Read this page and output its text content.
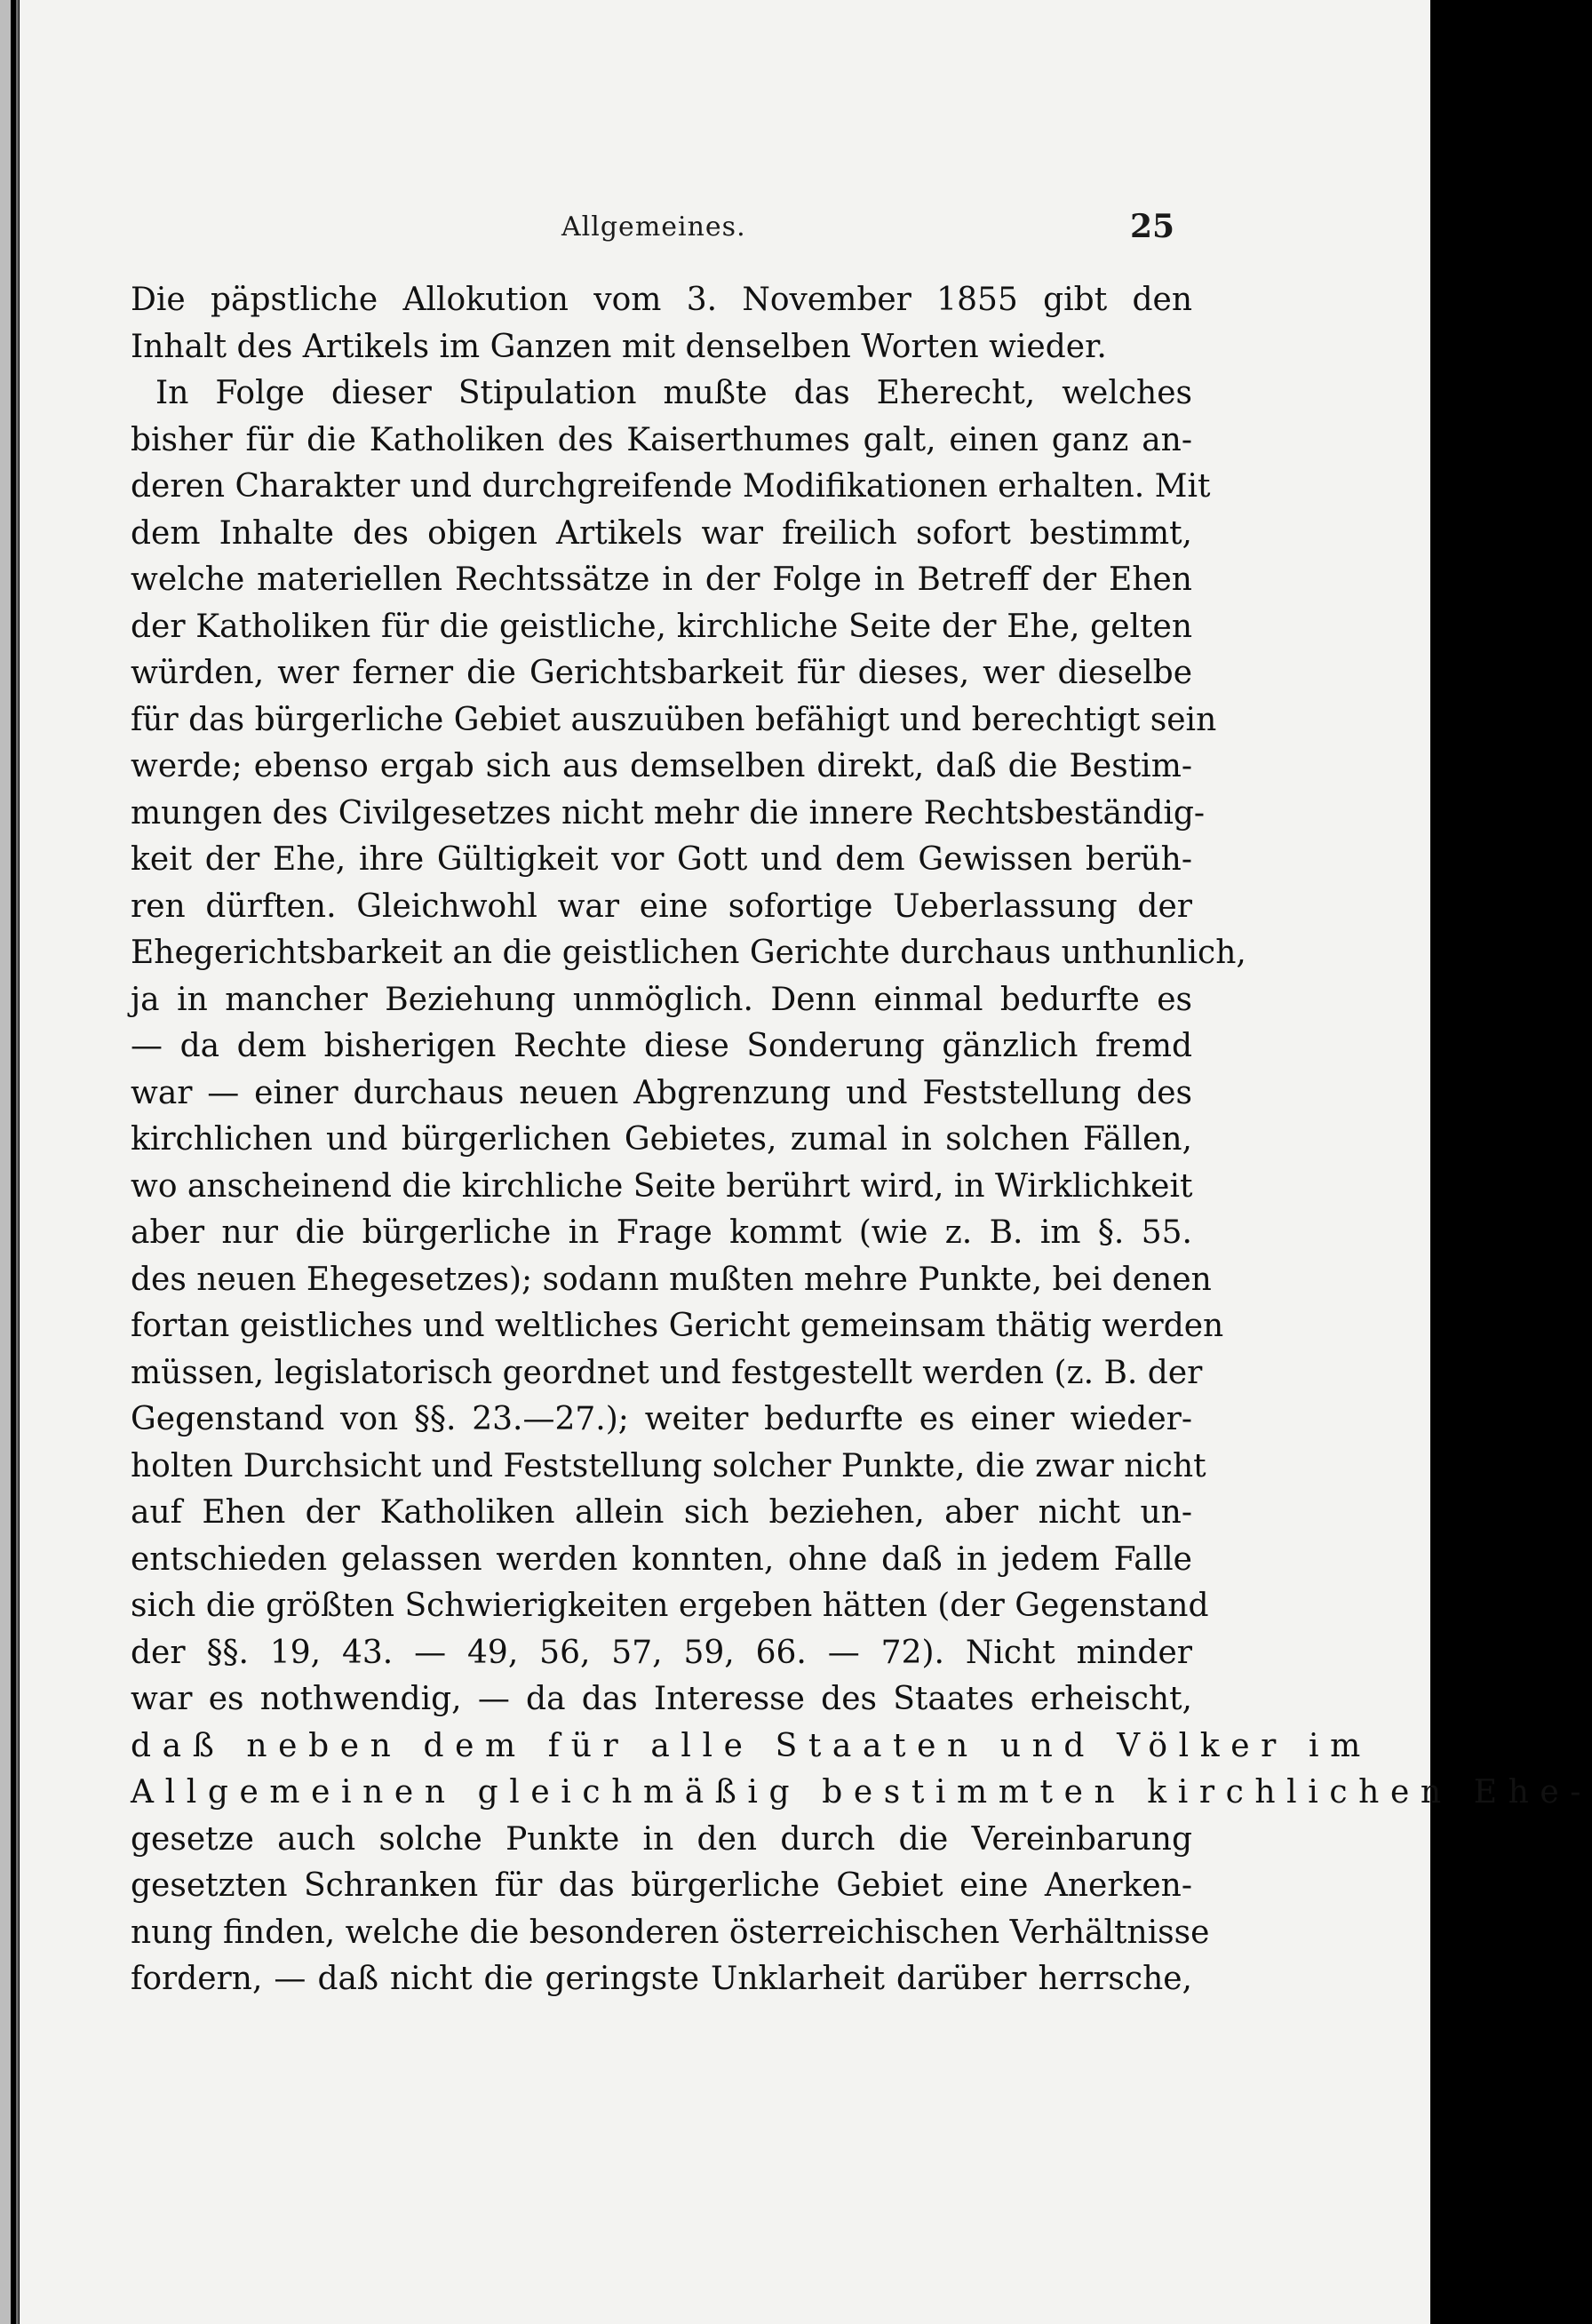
Allgemeines.	25
Die päpstliche Allokution vom 3. November 1855 gibt den
Inhalt des Artikels im Ganzen mit denselben Worten wieder.
In Folge dieser Stipulation mußte das Eherecht, welches
bisher für die Katholiken des Kaiserthumes galt, einen ganz an-
deren Charakter und durchgreifende Modifikationen erhalten. Mit
dem Inhalte des obigen Artikels war freilich sofort bestimmt,
welche materiellen Rechtssätze in der Folge in Betreff der Ehen
der Katholiken für die geistliche, kirchliche Seite der Ehe, gelten
würden, wer ferner die Gerichtsbarkeit für dieses, wer dieselbe
für das bürgerliche Gebiet auszuüben befähigt und berechtigt sein
werde; ebenso ergab sich aus demselben direkt, daß die Bestim-
mungen des Civilgesetzes nicht mehr die innere Rechtsbeständig-
keit der Ehe, ihre Gültigkeit vor Gott und dem Gewissen berüh-
ren dürften. Gleichwohl war eine sofortige Ueberlassung der
Ehegerichtsbarkeit an die geistlichen Gerichte durchaus unthunlich,
ja in mancher Beziehung unmöglich. Denn einmal bedurfte es
— da dem bisherigen Rechte diese Sonderung gänzlich fremd
war — einer durchaus neuen Abgrenzung und Feststellung des
kirchlichen und bürgerlichen Gebietes, zumal in solchen Fällen,
wo anscheinend die kirchliche Seite berührt wird, in Wirklichkeit
aber nur die bürgerliche in Frage kommt (wie z. B. im §. 55.
des neuen Ehegesetzes); sodann mußten mehre Punkte, bei denen
fortan geistliches und weltliches Gericht gemeinsam thätig werden
müssen, legislatorisch geordnet und festgestellt werden (z. B. der
Gegenstand von §§. 23.—27.); weiter bedurfte es einer wieder-
holten Durchsicht und Feststellung solcher Punkte, die zwar nicht
auf Ehen der Katholiken allein sich beziehen, aber nicht un-
entschieden gelassen werden konnten, ohne daß in jedem Falle
sich die größten Schwierigkeiten ergeben hätten (der Gegenstand
der §§. 19, 43. — 49, 56, 57, 59, 66. — 72). Nicht minder
war es nothwendig, — da das Interesse des Staates erheischt,
daß neben dem für alle Staaten und Völker im
Allgemeinen gleichmäßig bestimmten kirchlichen Ehe-
gesetze auch solche Punkte in den durch die Vereinbarung
gesetzten Schranken für das bürgerliche Gebiet eine Anerken-
nung finden, welche die besonderen österreichischen Verhältnisse
fordern, — daß nicht die geringste Unklarheit darüber herrsche,
